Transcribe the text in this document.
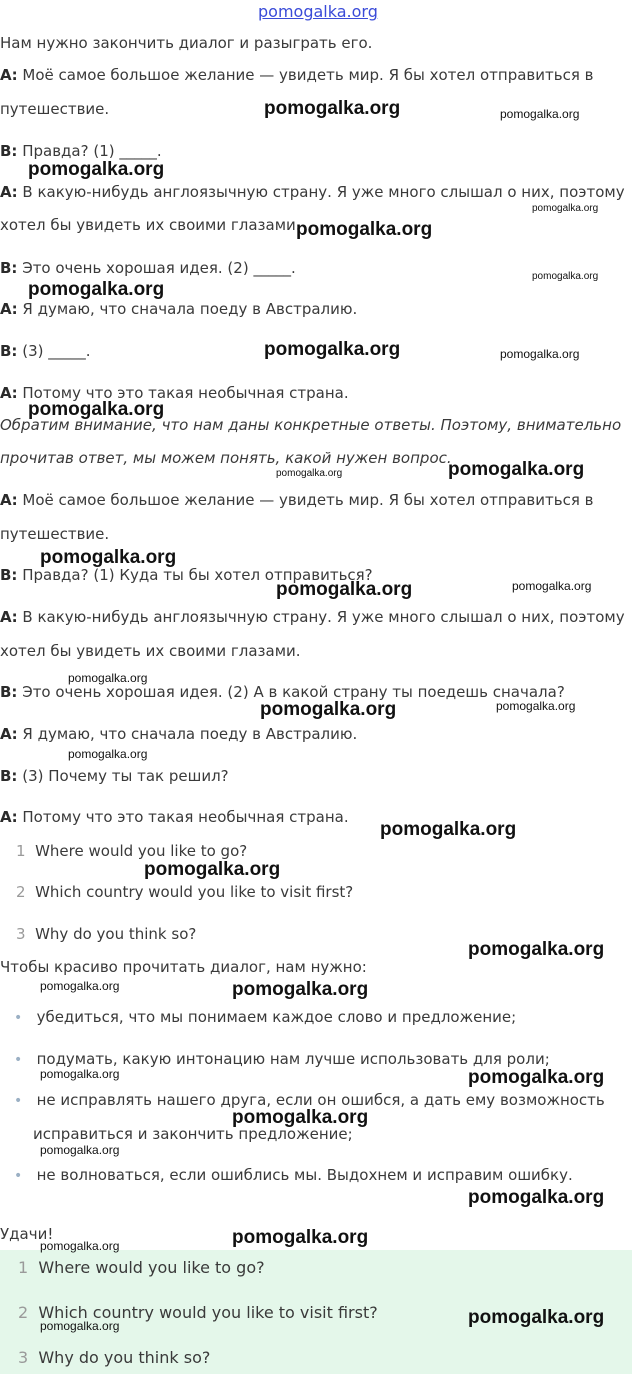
pomogalka.org
Нам нужно закончить диалог и разыграть его.
А: Моё самое большое желание — увидеть мир. Я бы хотел отправиться в
путешествие.
B: Правда? (1) _____.
А: В какую-нибудь англоязычную страну. Я уже много слышал о них, поэтому
хотел бы увидеть их своими глазами.
B: Это очень хорошая идея. (2) _____.
А: Я думаю, что сначала поеду в Австралию.
B: (3) _____.
А: Потому что это такая необычная страна.
Обратим внимание, что нам даны конкретные ответы. Поэтому, внимательно
прочитав ответ, мы можем понять, какой нужен вопрос.
А: Моё самое большое желание — увидеть мир. Я бы хотел отправиться в
путешествие.
B: Правда? (1) Куда ты бы хотел отправиться?
А: В какую-нибудь англоязычную страну. Я уже много слышал о них, поэтому
хотел бы увидеть их своими глазами.
B: Это очень хорошая идея. (2) А в какой страну ты поедешь сначала?
А: Я думаю, что сначала поеду в Австралию.
B: (3) Почему ты так решил?
А: Потому что это такая необычная страна.
1 Where would you like to go?
2 Which country would you like to visit first?
3 Why do you think so?
Чтобы красиво прочитать диалог, нам нужно:
• убедиться, что мы понимаем каждое слово и предложение;
• подумать, какую интонацию нам лучше использовать для роли;
• не исправлять нашего друга, если он ошибся, а дать ему возможность
исправиться и закончить предложение;
• не волноваться, если ошиблись мы. Выдохнем и исправим ошибку.
Удачи!
1 Where would you like to go?
2 Which country would you like to visit first?
3 Why do you think so?
pomogalka.org
pomogalka.org
pomogalka.org
pomogalka.org
pomogalka.org
pomogalka.org
pomogalka.org
pomogalka.org
pomogalka.org
pomogalka.org
pomogalka.org
pomogalka.org
pomogalka.org
pomogalka.org
pomogalka.org
pomogalka.org
pomogalka.org
pomogalka.org
pomogalka.org
pomogalka.org
pomogalka.org
pomogalka.org
pomogalka.org
pomogalka.org
pomogalka.org
pomogalka.org
pomogalka.org
pomogalka.org
pomogalka.org
pomogalka.org
pomogalka.org
pomogalka.org
pomogalka.org
